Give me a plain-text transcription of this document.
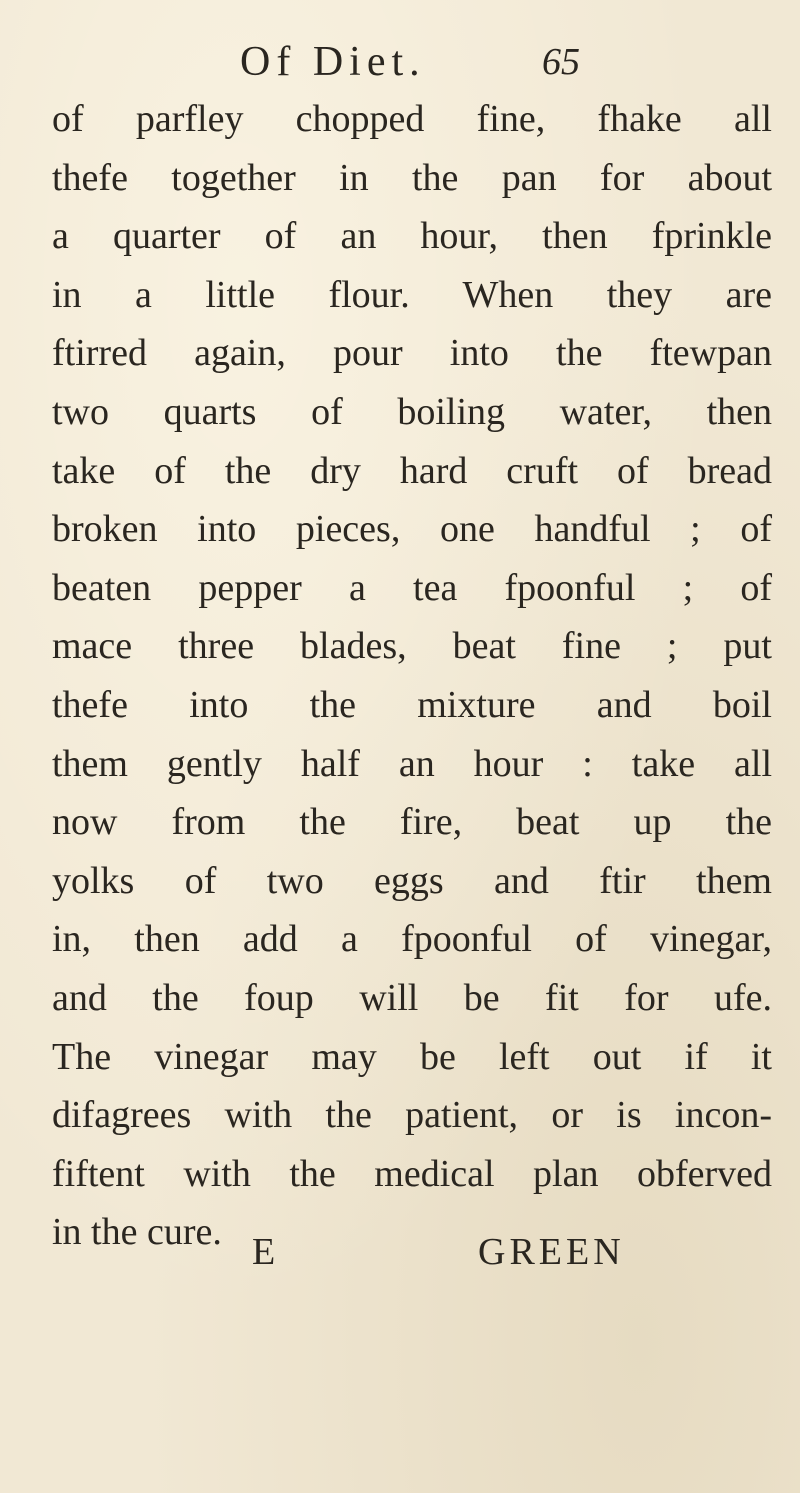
Of Diet.	65
of parfley chopped fine, fhake all
thefe together in the pan for about
a quarter of an hour, then fprinkle
in a little flour. When they are
ftirred again, pour into the ftewpan
two quarts of boiling water, then
take of the dry hard cruft of bread
broken into pieces, one handful ; of
beaten pepper a tea fpoonful ; of
mace three blades, beat fine ; put
thefe into the mixture and boil
them gently half an hour : take all
now from the fire, beat up the
yolks of two eggs and ftir them
in, then add a fpoonful of vinegar,
and the foup will be fit for ufe.
The vinegar may be left out if it
difagrees with the patient, or is incon-
fiftent with the medical plan obferved
in the cure. E	GREEN
